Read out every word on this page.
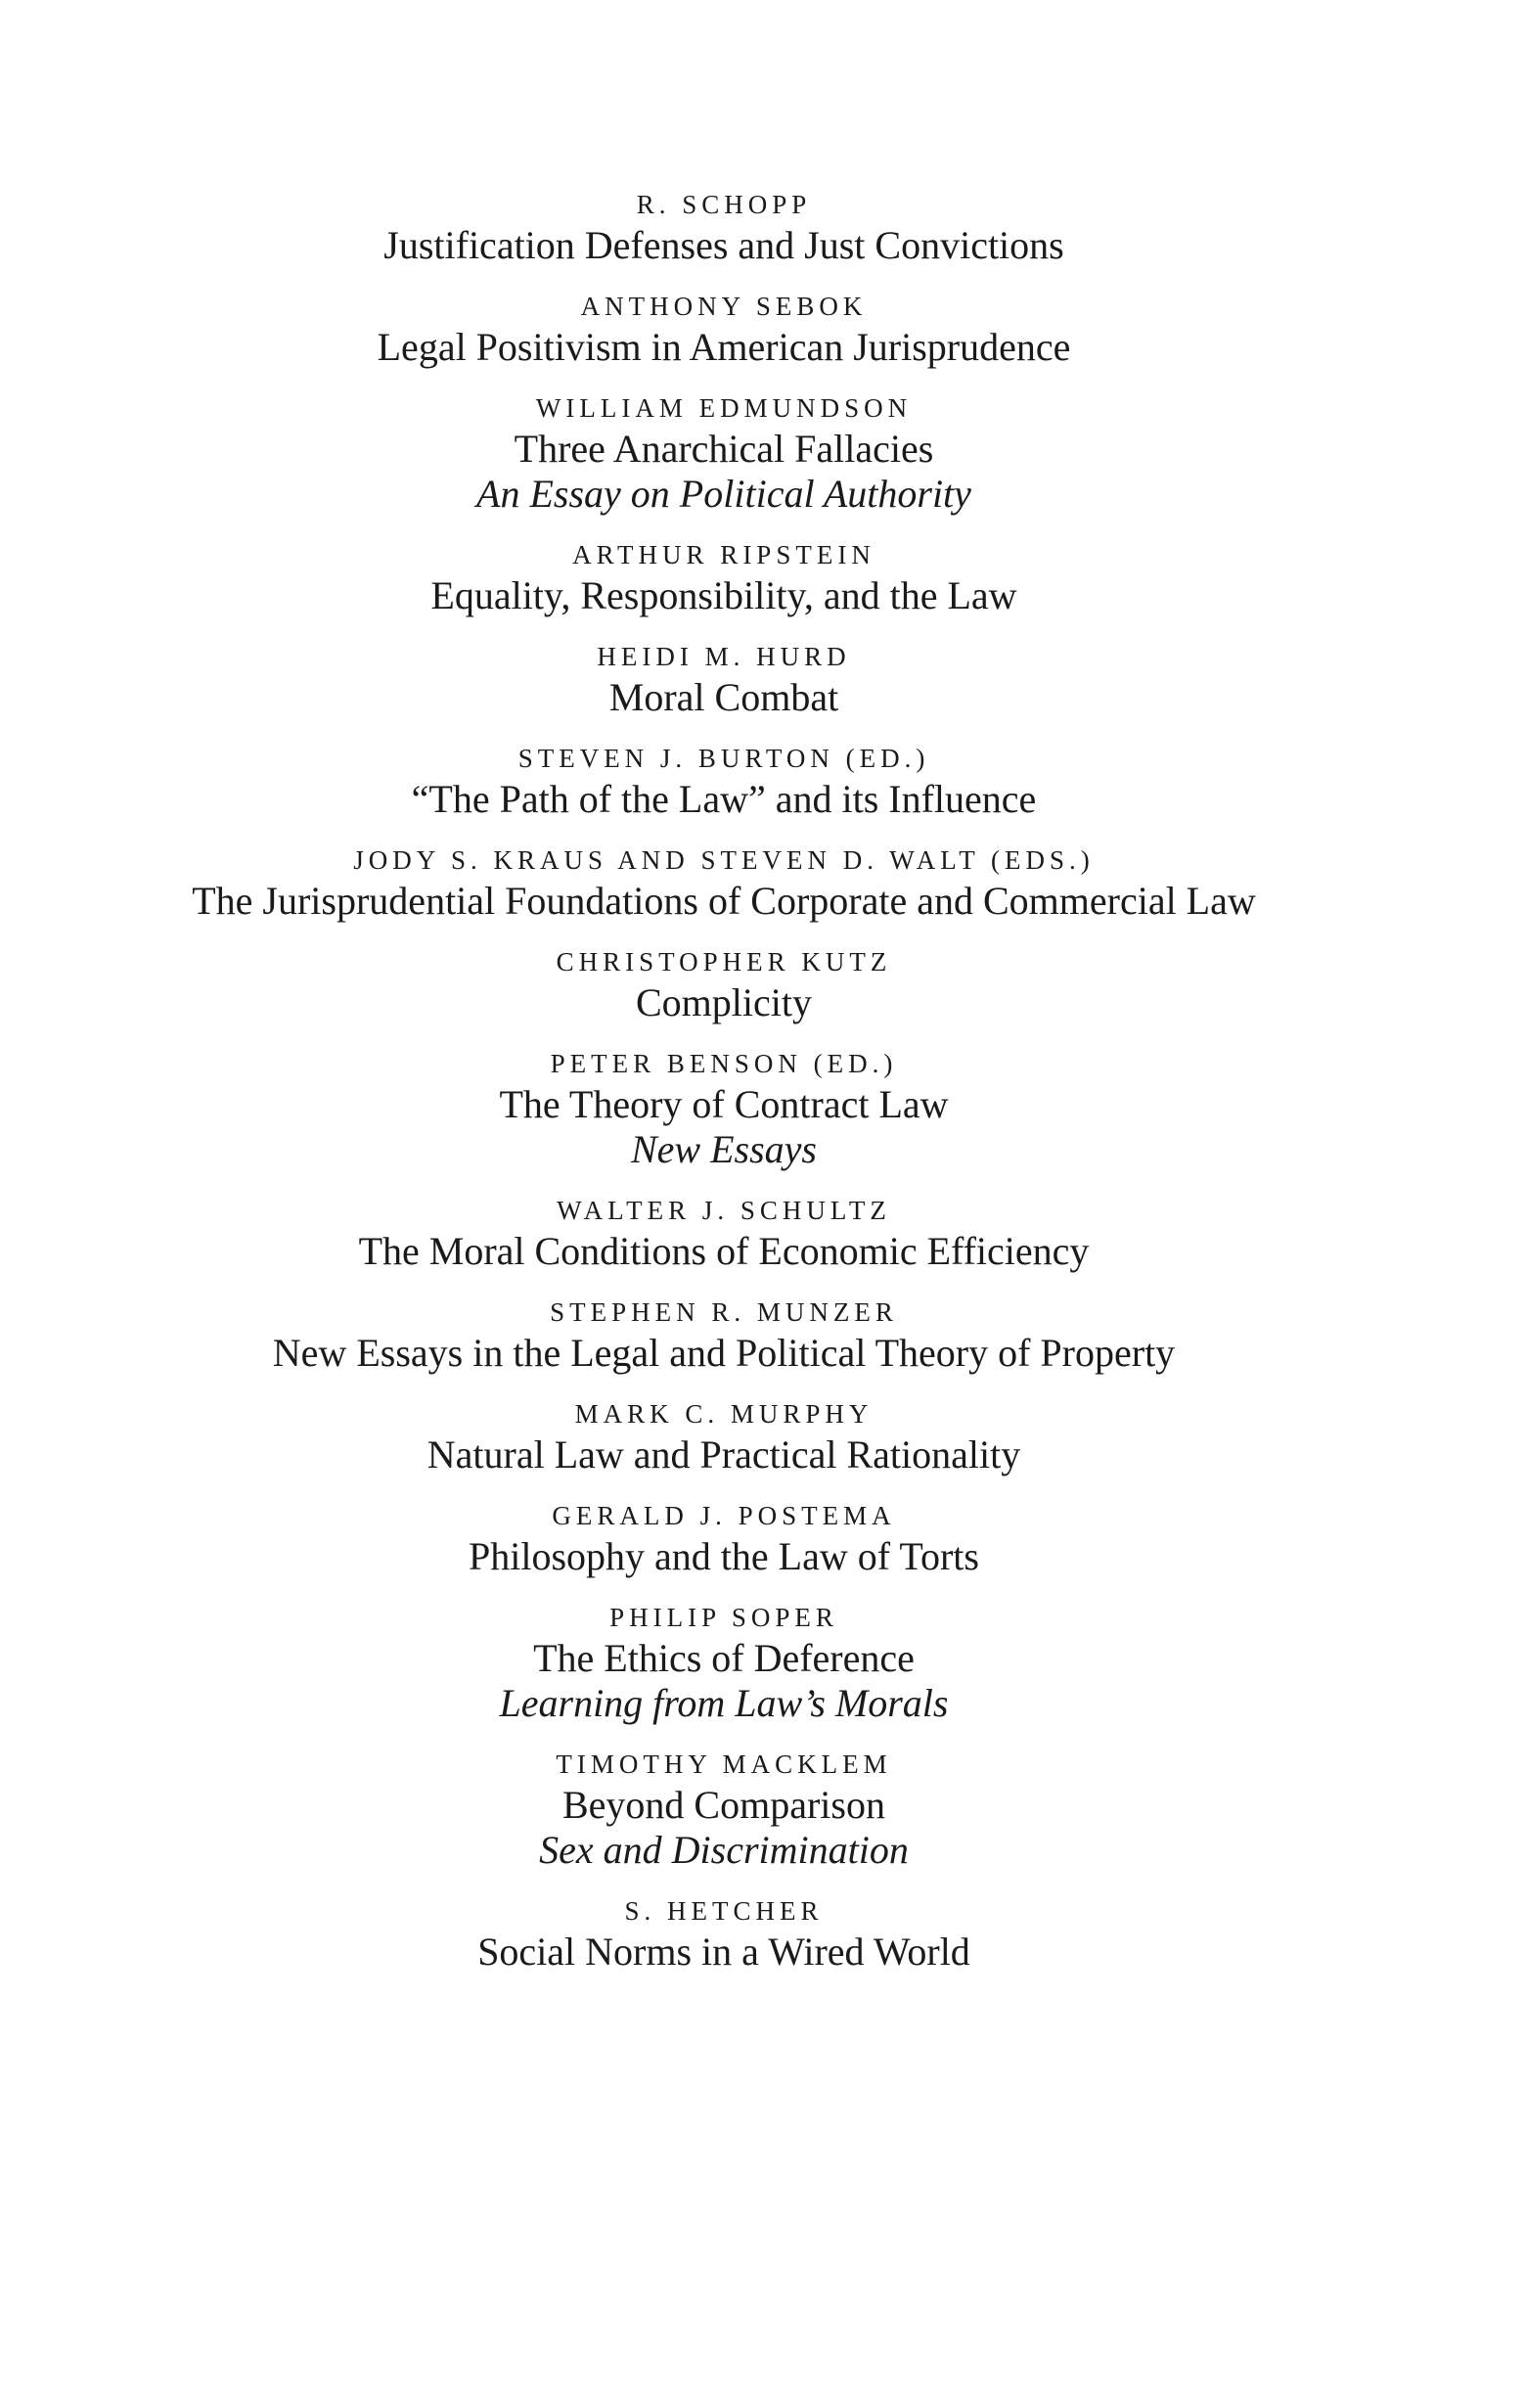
R. SCHOPP
Justification Defenses and Just Convictions
ANTHONY SEBOK
Legal Positivism in American Jurisprudence
WILLIAM EDMUNDSON
Three Anarchical Fallacies
An Essay on Political Authority
ARTHUR RIPSTEIN
Equality, Responsibility, and the Law
HEIDI M. HURD
Moral Combat
STEVEN J. BURTON (ED.)
“The Path of the Law” and its Influence
JODY S. KRAUS AND STEVEN D. WALT (EDS.)
The Jurisprudential Foundations of Corporate and Commercial Law
CHRISTOPHER KUTZ
Complicity
PETER BENSON (ED.)
The Theory of Contract Law
New Essays
WALTER J. SCHULTZ
The Moral Conditions of Economic Efficiency
STEPHEN R. MUNZER
New Essays in the Legal and Political Theory of Property
MARK C. MURPHY
Natural Law and Practical Rationality
GERALD J. POSTEMA
Philosophy and the Law of Torts
PHILIP SOPER
The Ethics of Deference
Learning from Law’s Morals
TIMOTHY MACKLEM
Beyond Comparison
Sex and Discrimination
S. HETCHER
Social Norms in a Wired World
